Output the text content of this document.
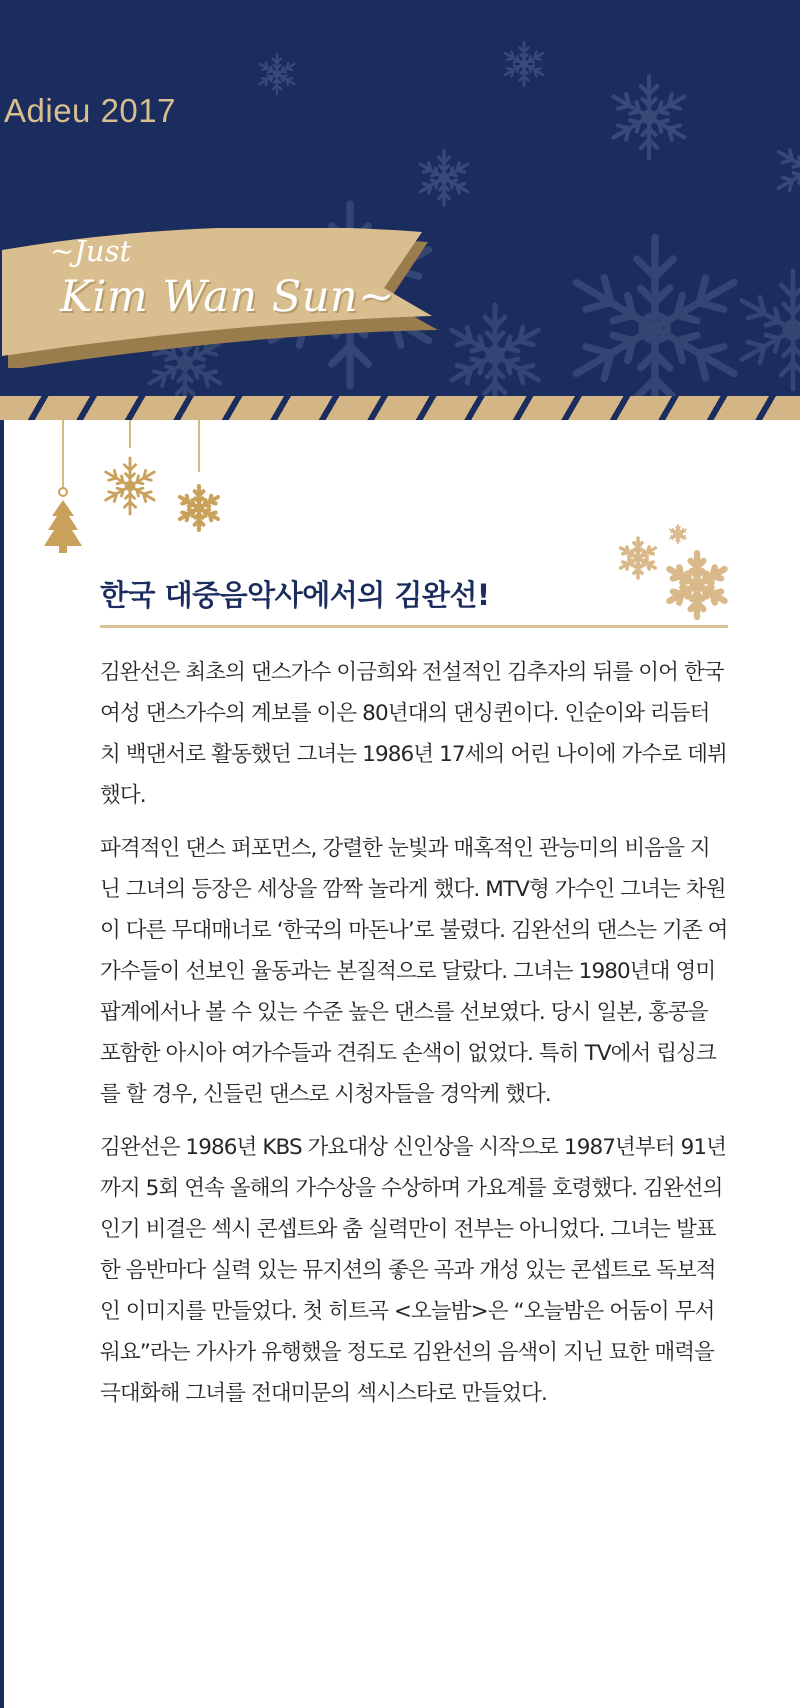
Adieu 2017
~Just
Kim Wan Sun~
한국 대중음악사에서의 김완선!

김완선은 최초의 댄스가수 이금희와 전설적인 김추자의 뒤를 이어 한국 여성 댄스가수의 계보를 이은 80년대의 댄싱퀸이다. 인순이와 리듬터치 백댄서로 활동했던 그녀는 1986년 17세의 어린 나이에 가수로 데뷔했다.

파격적인 댄스 퍼포먼스, 강렬한 눈빛과 매혹적인 관능미의 비음을 지닌 그녀의 등장은 세상을 깜짝 놀라게 했다. MTV형 가수인 그녀는 차원이 다른 무대매너로 ‘한국의 마돈나’로 불렸다. 김완선의 댄스는 기존 여가수들이 선보인 율동과는 본질적으로 달랐다. 그녀는 1980년대 영미 팝계에서나 볼 수 있는 수준 높은 댄스를 선보였다. 당시 일본, 홍콩을 포함한 아시아 여가수들과 견줘도 손색이 없었다. 특히 TV에서 립싱크를 할 경우, 신들린 댄스로 시청자들을 경악케 했다.

김완선은 1986년 KBS 가요대상 신인상을 시작으로 1987년부터 91년까지 5회 연속 올해의 가수상을 수상하며 가요계를 호령했다. 김완선의 인기 비결은 섹시 콘셉트와 춤 실력만이 전부는 아니었다. 그녀는 발표한 음반마다 실력 있는 뮤지션의 좋은 곡과 개성 있는 콘셉트로 독보적인 이미지를 만들었다. 첫 히트곡 <오늘밤>은 “오늘밤은 어둠이 무서워요”라는 가사가 유행했을 정도로 김완선의 음색이 지닌 묘한 매력을 극대화해 그녀를 전대미문의 섹시스타로 만들었다.
